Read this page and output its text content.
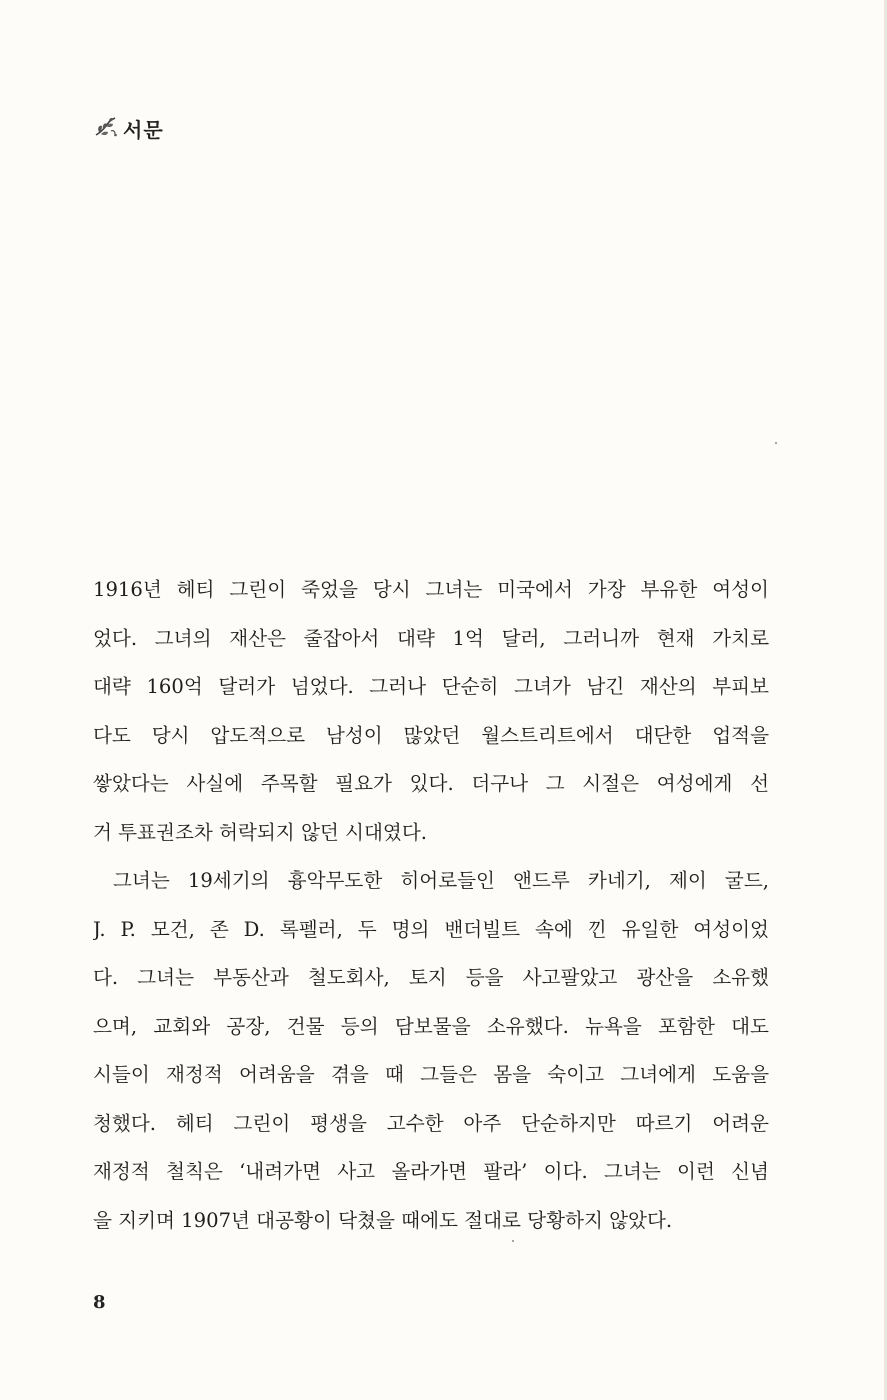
서문
1916년 헤티 그린이 죽었을 당시 그녀는 미국에서 가장 부유한 여성이
었다. 그녀의 재산은 줄잡아서 대략 1억 달러, 그러니까 현재 가치로
대략 160억 달러가 넘었다. 그러나 단순히 그녀가 남긴 재산의 부피보
다도 당시 압도적으로 남성이 많았던 월스트리트에서 대단한 업적을
쌓았다는 사실에 주목할 필요가 있다. 더구나 그 시절은 여성에게 선
거 투표권조차 허락되지 않던 시대였다.
그녀는 19세기의 흉악무도한 히어로들인 앤드루 카네기, 제이 굴드,
J. P. 모건, 존 D. 록펠러, 두 명의 밴더빌트 속에 낀 유일한 여성이었
다. 그녀는 부동산과 철도회사, 토지 등을 사고팔았고 광산을 소유했
으며, 교회와 공장, 건물 등의 담보물을 소유했다. 뉴욕을 포함한 대도
시들이 재정적 어려움을 겪을 때 그들은 몸을 숙이고 그녀에게 도움을
청했다. 헤티 그린이 평생을 고수한 아주 단순하지만 따르기 어려운
재정적 철칙은 ‘내려가면 사고 올라가면 팔라’ 이다. 그녀는 이런 신념
을 지키며 1907년 대공황이 닥쳤을 때에도 절대로 당황하지 않았다.
8
